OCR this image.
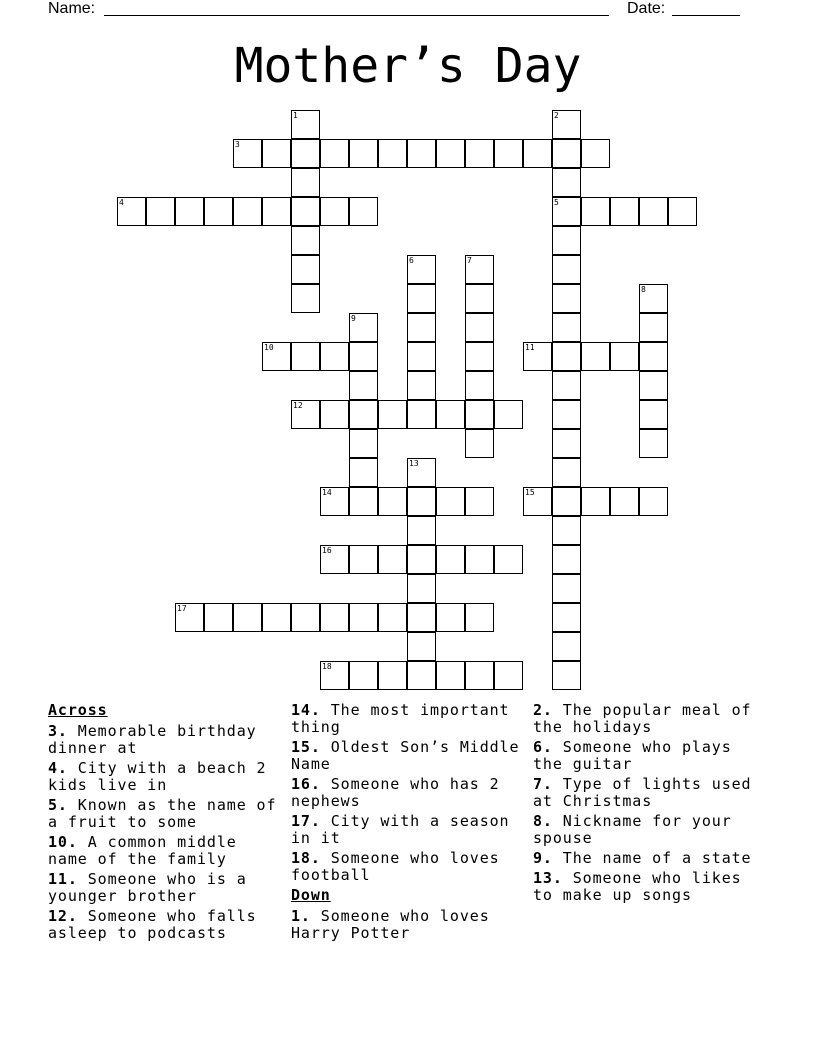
Name:	Date:
Mother’s Day
1	2
5
3
4
6	7
8
9
10	11
12
13
14	15
16
17
18
Across
3. Memorable birthday dinner at
4. City with a beach 2 kids live in
5. Known as the name of a fruit to some
10. A common middle name of the family
11. Someone who is a younger brother
12. Someone who falls asleep to podcasts
14. The most important thing
15. Oldest Son’s Middle Name
16. Someone who has 2 nephews
17. City with a season in it
18. Someone who loves football
Down
1. Someone who loves Harry Potter
2. The popular meal of the holidays
6. Someone who plays the guitar
7. Type of lights used at Christmas
8. Nickname for your spouse
9. The name of a state
13. Someone who likes to make up songs
